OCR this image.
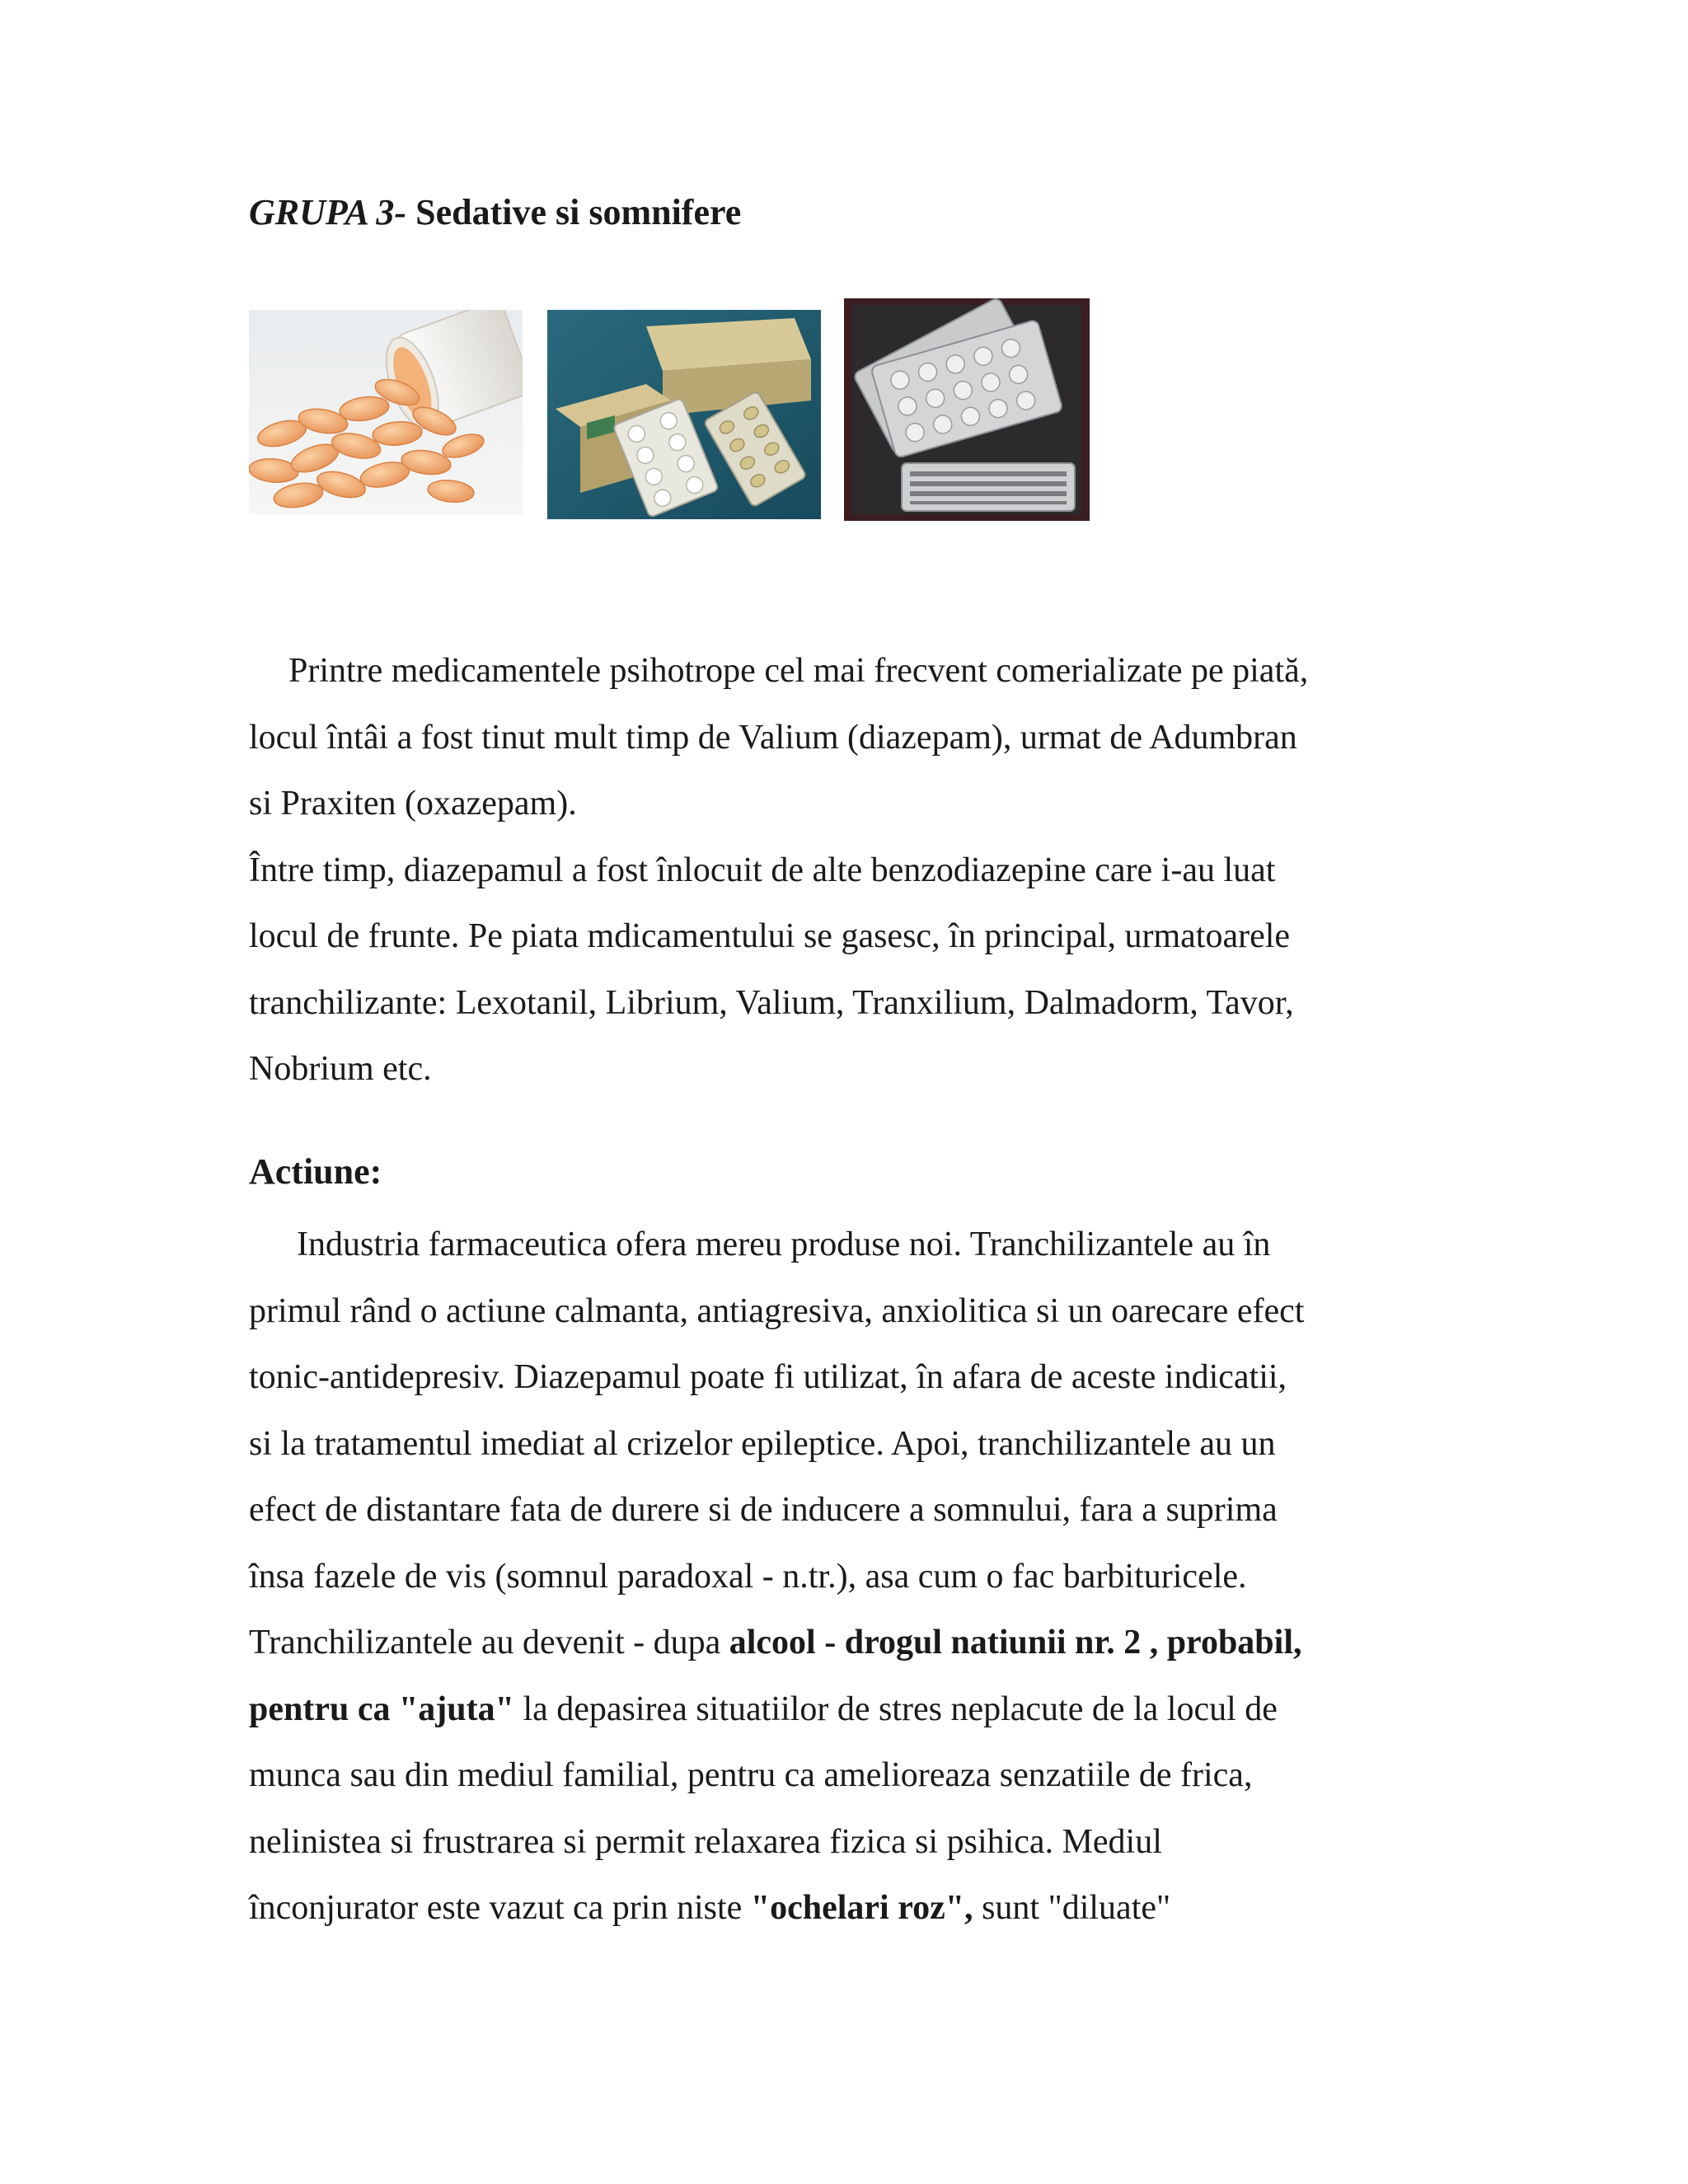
GRUPA 3- Sedative si somnifere
Printre medicamentele psihotrope cel mai frecvent comerializate pe piată,
locul întâi a fost tinut mult timp de Valium (diazepam), urmat de Adumbran
si Praxiten (oxazepam).
Între timp, diazepamul a fost înlocuit de alte benzodiazepine care i-au luat
locul de frunte. Pe piata mdicamentului se gasesc, în principal, urmatoarele
tranchilizante: Lexotanil, Librium, Valium, Tranxilium, Dalmadorm, Tavor,
Nobrium etc.
Actiune:
Industria farmaceutica ofera mereu produse noi. Tranchilizantele au în
primul rând o actiune calmanta, antiagresiva, anxiolitica si un oarecare efect
tonic-antidepresiv. Diazepamul poate fi utilizat, în afara de aceste indicatii,
si la tratamentul imediat al crizelor epileptice. Apoi, tranchilizantele au un
efect de distantare fata de durere si de inducere a somnului, fara a suprima
însa fazele de vis (somnul paradoxal - n.tr.), asa cum o fac barbituricele.
Tranchilizantele au devenit - dupa alcool - drogul natiunii nr. 2 , probabil,
pentru ca "ajuta" la depasirea situatiilor de stres neplacute de la locul de
munca sau din mediul familial, pentru ca amelioreaza senzatiile de frica,
nelinistea si frustrarea si permit relaxarea fizica si psihica. Mediul
înconjurator este vazut ca prin niste "ochelari roz", sunt "diluate"
